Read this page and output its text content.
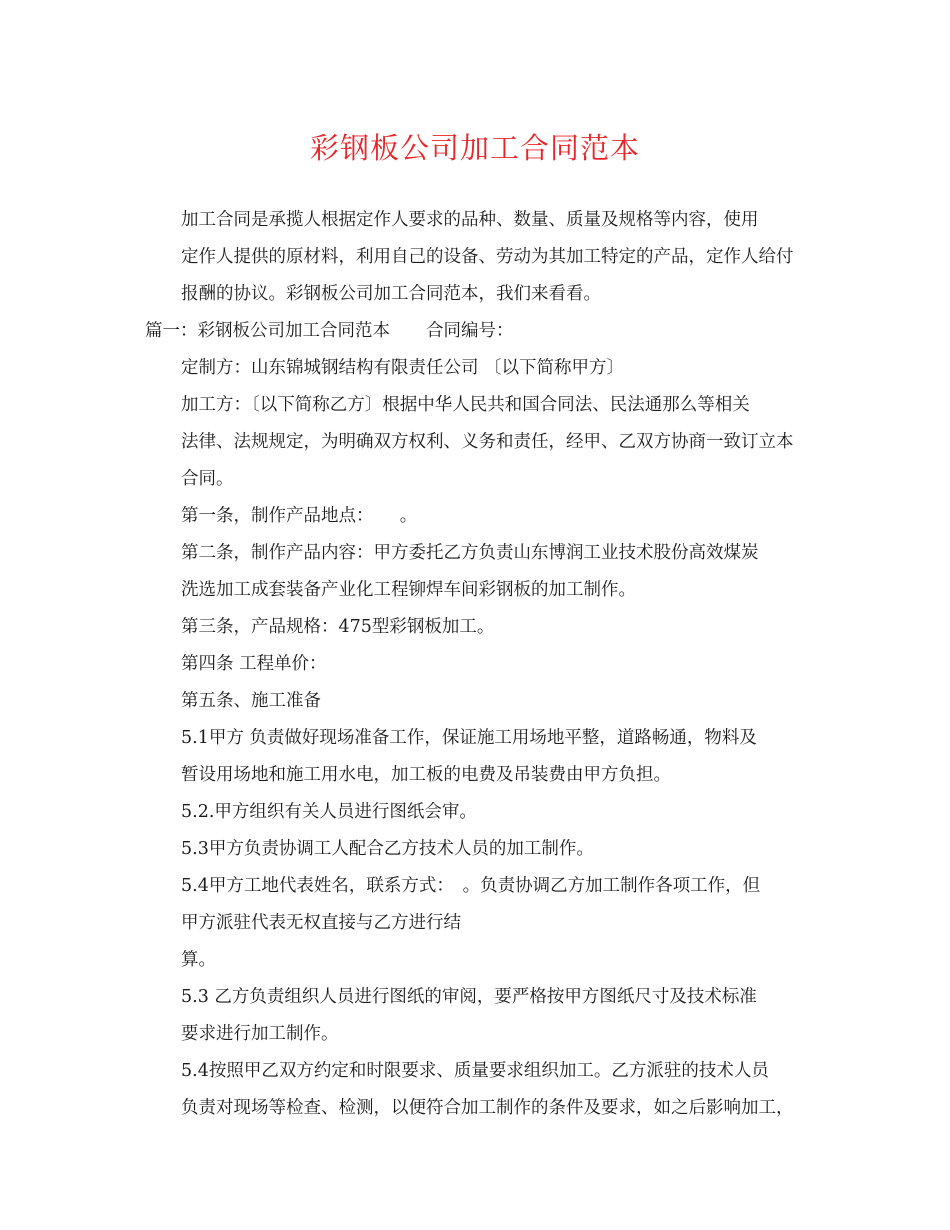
彩钢板公司加工合同范本

加工合同是承揽人根据定作人要求的品种、数量、质量及规格等内容，使用
定作人提供的原材料，利用自己的设备、劳动为其加工特定的产品，定作人给付
报酬的协议。彩钢板公司加工合同范本，我们来看看。

篇一：彩钢板公司加工合同范本 合同编号：

定制方：山东锦城钢结构有限责任公司 〔以下简称甲方〕

加工方：〔以下简称乙方〕根据中华人民共和国合同法、民法通那么等相关
法律、法规规定，为明确双方权利、义务和责任，经甲、乙双方协商一致订立本
合同。

第一条，制作产品地点：　　。

第二条，制作产品内容：甲方委托乙方负责山东博润工业技术股份高效煤炭
洗选加工成套装备产业化工程铆焊车间彩钢板的加工制作。

第三条，产品规格：475型彩钢板加工。

第四条 工程单价：

第五条、施工准备

5.1甲方 负责做好现场准备工作，保证施工用场地平整，道路畅通，物料及
暂设用场地和施工用水电，加工板的电费及吊装费由甲方负担。

5.2.甲方组织有关人员进行图纸会审。

5.3甲方负责协调工人配合乙方技术人员的加工制作。

5.4甲方工地代表姓名，联系方式：　。负责协调乙方加工制作各项工作，但
甲方派驻代表无权直接与乙方进行结

算。

5.3 乙方负责组织人员进行图纸的审阅，要严格按甲方图纸尺寸及技术标准
要求进行加工制作。

5.4按照甲乙双方约定和时限要求、质量要求组织加工。乙方派驻的技术人员
负责对现场等检查、检测，以便符合加工制作的条件及要求，如之后影响加工，
